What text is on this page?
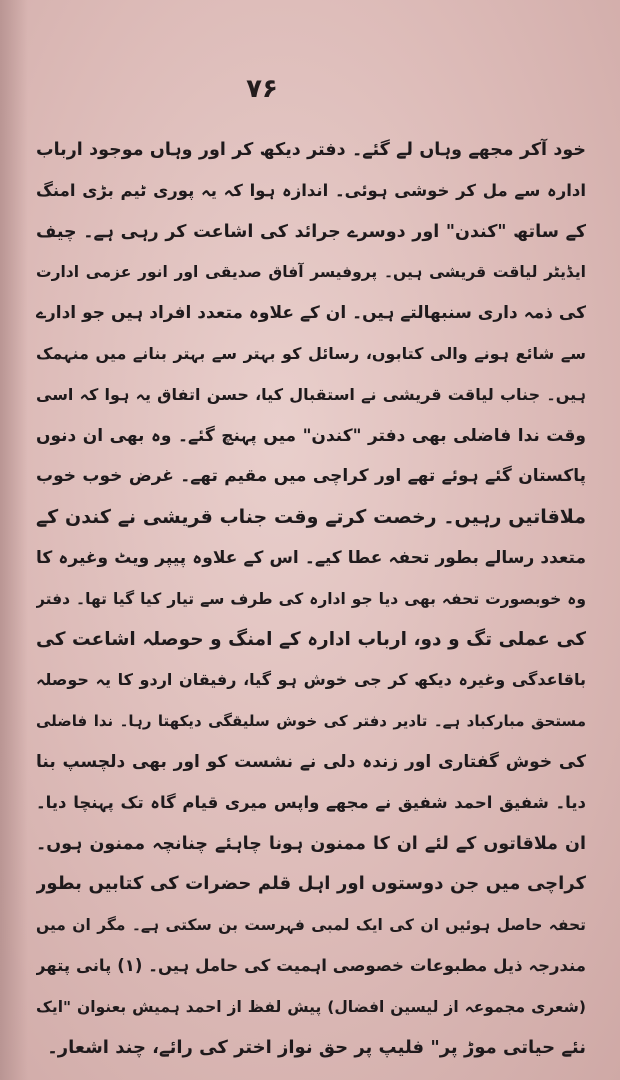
۷۶
خود آکر مجھے وہاں لے گئے۔ دفتر دیکھ کر اور وہاں موجود ارباب
ادارہ سے مل کر خوشی ہوئی۔ اندازہ ہوا کہ یہ پوری ٹیم بڑی امنگ
کے ساتھ "کندن" اور دوسرے جرائد کی اشاعت کر رہی ہے۔ چیف
ایڈیٹر لیاقت قریشی ہیں۔ پروفیسر آفاق صدیقی اور انور عزمی ادارت
کی ذمہ داری سنبھالتے ہیں۔ ان کے علاوہ متعدد افراد ہیں جو ادارے
سے شائع ہونے والی کتابوں، رسائل کو بہتر سے بہتر بنانے میں منہمک
ہیں۔ جناب لیاقت قریشی نے استقبال کیا، حسن اتفاق یہ ہوا کہ اسی
وقت ندا فاضلی بھی دفتر "کندن" میں پہنچ گئے۔ وہ بھی ان دنوں
پاکستان گئے ہوئے تھے اور کراچی میں مقیم تھے۔ غرض خوب خوب
ملاقاتیں رہیں۔ رخصت کرتے وقت جناب قریشی نے کندن کے
متعدد رسالے بطور تحفہ عطا کیے۔ اس کے علاوہ پیپر ویٹ وغیرہ کا
وہ خوبصورت تحفہ بھی دیا جو ادارہ کی طرف سے تیار کیا گیا تھا۔ دفتر
کی عملی تگ و دو، ارباب ادارہ کے امنگ و حوصلہ اشاعت کی
باقاعدگی وغیرہ دیکھ کر جی خوش ہو گیا، رفیقان اردو کا یہ حوصلہ
مستحق مبارکباد ہے۔ تادیر دفتر کی خوش سلیقگی دیکھتا رہا۔ ندا فاضلی
کی خوش گفتاری اور زندہ دلی نے نشست کو اور بھی دلچسپ بنا
دیا۔ شفیق احمد شفیق نے مجھے واپس میری قیام گاہ تک پہنچا دیا۔
ان ملاقاتوں کے لئے ان کا ممنون ہونا چاہئے چنانچہ ممنون ہوں۔
کراچی میں جن دوستوں اور اہل قلم حضرات کی کتابیں بطور
تحفہ حاصل ہوئیں ان کی ایک لمبی فہرست بن سکتی ہے۔ مگر ان میں
مندرجہ ذیل مطبوعات خصوصی اہمیت کی حامل ہیں۔ (۱) پانی پتھر
(شعری مجموعہ از لیسین افضال) پیش لفظ از احمد ہمیش بعنوان "ایک
نئے حیاتی موڑ پر" فلیپ پر حق نواز اختر کی رائے، چند اشعار۔
